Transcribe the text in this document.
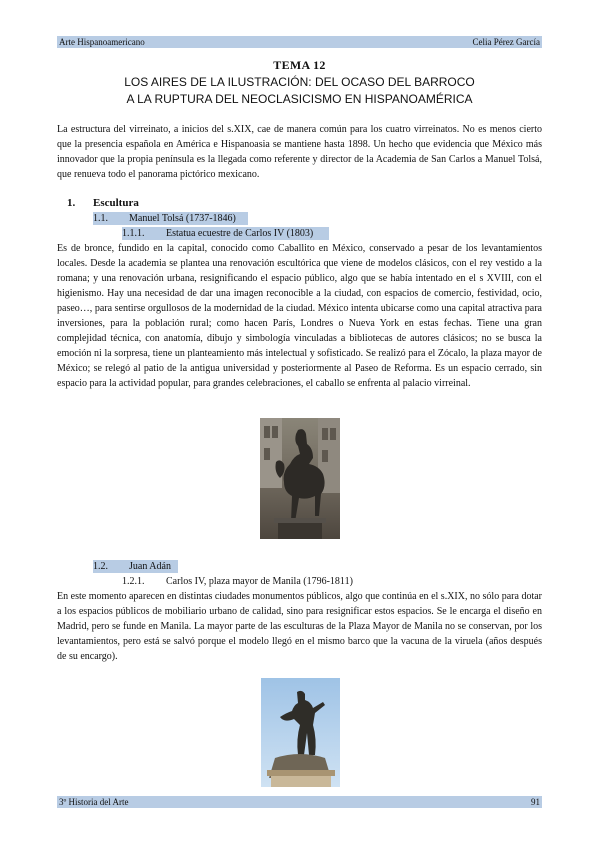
Arte Hispanoamericano	Celia Pérez García
TEMA 12
LOS AIRES DE LA ILUSTRACIÓN: DEL OCASO DEL BARROCO
A LA RUPTURA DEL NEOCLASICISMO EN HISPANOAMÉRICA

La estructura del virreinato, a inicios del s.XIX, cae de manera común para los cuatro virreinatos. No es menos cierto que la presencia española en América e Hispanoasia se mantiene hasta 1898. Un hecho que evidencia que México más innovador que la propia península es la llegada como referente y director de la Academia de San Carlos a Manuel Tolsá, que renueva todo el panorama pictórico mexicano.

1. Escultura
1.1. Manuel Tolsá (1737-1846)
1.1.1. Estatua ecuestre de Carlos IV (1803)

Es de bronce, fundido en la capital, conocido como Caballito en México, conservado a pesar de los levantamientos locales. Desde la academia se plantea una renovación escultórica que viene de modelos clásicos, con el rey vestido a la romana; y una renovación urbana, resignificando el espacio público, algo que se había intentado en el s XVIII, con el higienismo. Hay una necesidad de dar una imagen reconocible a la ciudad, con espacios de comercio, festividad, ocio, paseo…, para sentirse orgullosos de la modernidad de la ciudad. México intenta ubicarse como una capital atractiva para inversiones, para la población rural; como hacen París, Londres o Nueva York en estas fechas. Tiene una gran complejidad técnica, con anatomía, dibujo y simbología vinculadas a bibliotecas de autores clásicos; no se busca la emoción ni la sorpresa, tiene un planteamiento más intelectual y sofisticado. Se realizó para el Zócalo, la plaza mayor de México; se relegó al patio de la antigua universidad y posteriormente al Paseo de Reforma. Es un espacio cerrado, sin espacio para la actividad popular, para grandes celebraciones, el caballo se enfrenta al palacio virreinal.

1.2. Juan Adán
1.2.1. Carlos IV, plaza mayor de Manila (1796-1811)

En este momento aparecen en distintas ciudades monumentos públicos, algo que continúa en el s.XIX, no sólo para dotar a los espacios públicos de mobiliario urbano de calidad, sino para resignificar estos espacios. Se le encarga el diseño en Madrid, pero se funde en Manila. La mayor parte de las esculturas de la Plaza Mayor de Manila no se conservan, por los levantamientos, pero está se salvó porque el modelo llegó en el mismo barco que la vacuna de la viruela (años después de su encargo).

3º Historia del Arte	91
